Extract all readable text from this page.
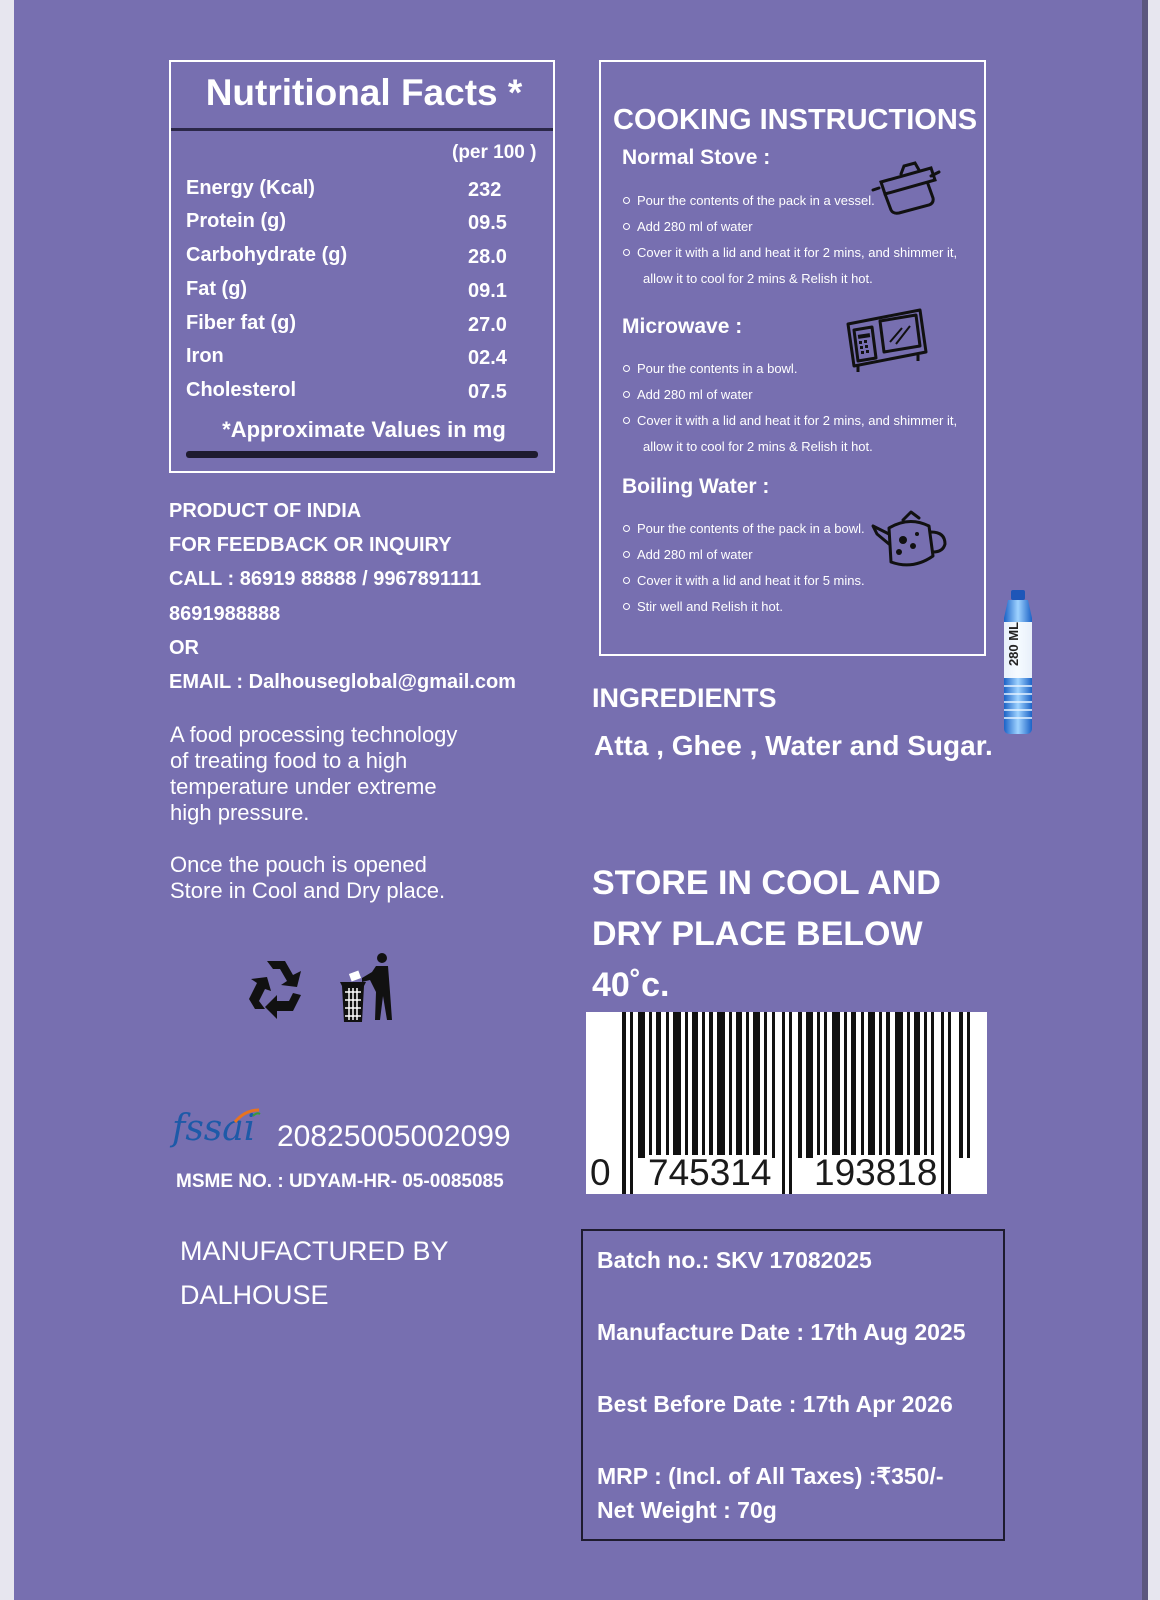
Nutritional Facts *
(per 100 )
Energy (Kcal)	232
Protein (g)	09.5
Carbohydrate (g)	28.0
Fat (g)	09.1
Fiber fat (g)	27.0
Iron	02.4
Cholesterol	07.5
*Approximate Values in mg
COOKING INSTRUCTIONS
Normal Stove :
Pour the contents of the pack in a vessel.
Add 280 ml of water
Cover it with a lid and heat it for 2 mins, and shimmer it,
allow it to cool for 2 mins & Relish it hot.
Microwave :
Pour the contents in a bowl.
Add 280 ml of water
Cover it with a lid and heat it for 2 mins, and shimmer it,
allow it to cool for 2 mins & Relish it hot.
Boiling Water :
Pour the contents of the pack in a bowl.
Add 280 ml of water
Cover it with a lid and heat it for 5 mins.
Stir well and Relish it hot.
280 ML
PRODUCT OF INDIA
FOR FEEDBACK OR INQUIRY
CALL : 86919 88888 / 9967891111
8691988888
OR
EMAIL : Dalhouseglobal@gmail.com
A food processing technology
of treating food to a high
temperature under extreme
high pressure.
Once the pouch is opened
Store in Cool and Dry place.
fssai 20825005002099
MSME NO. : UDYAM-HR- 05-0085085
MANUFACTURED BY
DALHOUSE
INGREDIENTS
Atta , Ghee , Water and Sugar.
STORE IN COOL AND
DRY PLACE BELOW
40˚c.
0 745314 193818
Batch no.: SKV 17082025
Manufacture Date : 17th Aug 2025
Best Before Date : 17th Apr 2026
MRP : (Incl. of All Taxes) :₹350/-
Net Weight : 70g
